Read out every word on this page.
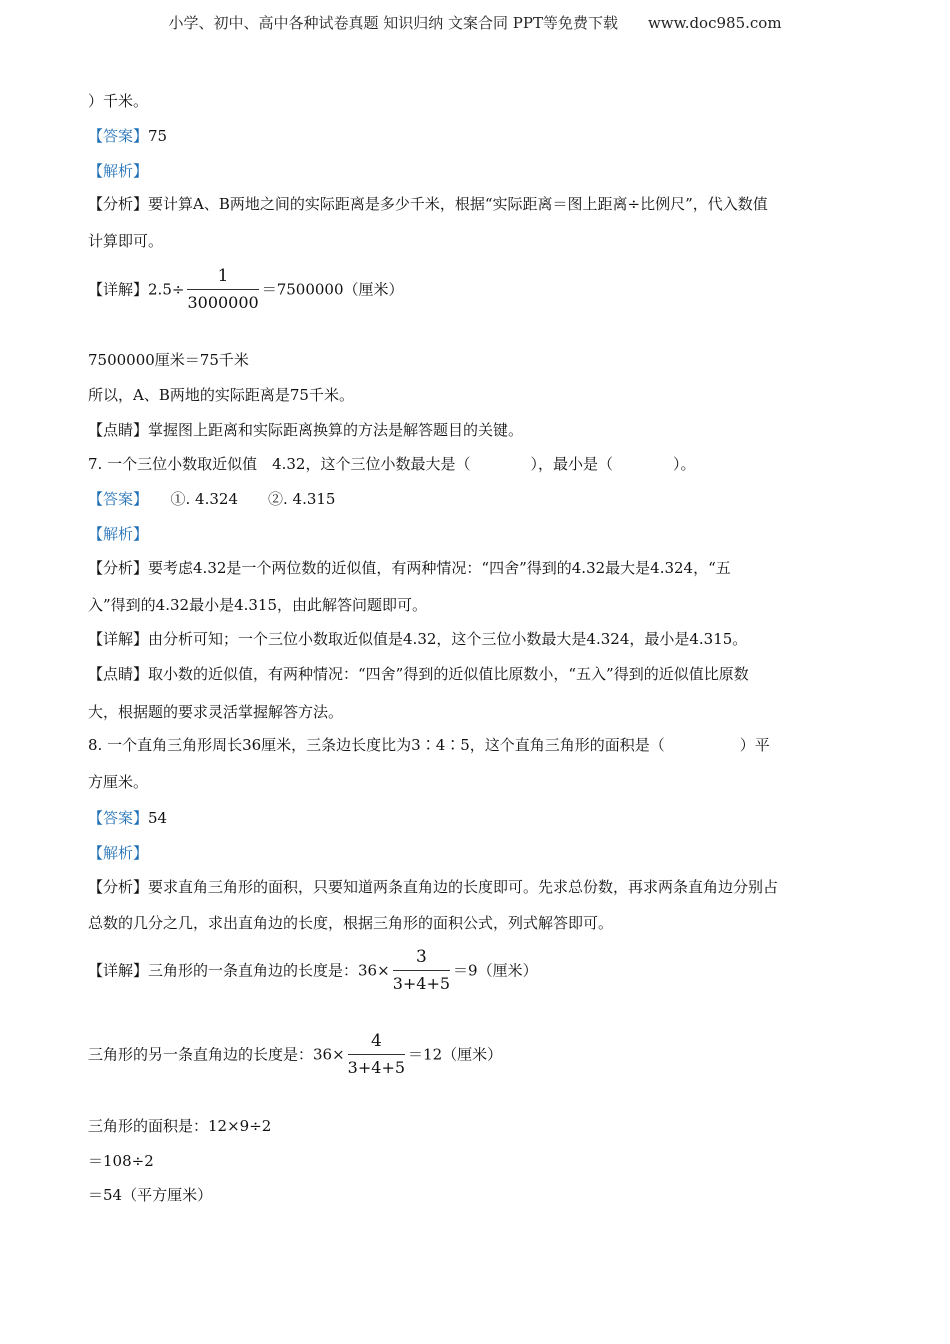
小学、初中、高中各种试卷真题 知识归纳 文案合同 PPT等免费下载　　www.doc985.com
）千米。
【答案】75
【解析】
【分析】要计算A、B两地之间的实际距离是多少千米，根据“实际距离＝图上距离÷比例尺”，代入数值
计算即可。
【详解】$2.5\div \frac{1}{3000000} =7500000$（厘米）
7500000厘米＝75千米
所以，A、B两地的实际距离是75千米。
【点睛】掌握图上距离和实际距离换算的方法是解答题目的关键。
7. 一个三位小数取近似值　4.32，这个三位小数最大是（　　　　），最小是（　　　　）。
【答案】　　①. 4.324　　②. 4.315
【解析】
【分析】要考虑4.32是一个两位数的近似值，有两种情况：“四舍”得到的4.32最大是4.324，“五
入”得到的4.32最小是4.315，由此解答问题即可。
【详解】由分析可知；一个三位小数取近似值是4.32，这个三位小数最大是4.324，最小是4.315。
【点睛】取小数的近似值，有两种情况：“四舍”得到的近似值比原数小，“五入”得到的近似值比原数
大，根据题的要求灵活掌握解答方法。
8. 一个直角三角形周长36厘米，三条边长度比为3∶4∶5，这个直角三角形的面积是（　　　　　）平
方厘米。
【答案】54
【解析】
【分析】要求直角三角形的面积，只要知道两条直角边的长度即可。先求总份数，再求两条直角边分别占
总数的几分之几，求出直角边的长度，根据三角形的面积公式，列式解答即可。
【详解】三角形的一条直角边的长度是：$36\times \frac{3}{3+4+5} =9$（厘米）
三角形的另一条直角边的长度是：$36\times \frac{4}{3+4+5} =12$（厘米）
三角形的面积是：12×9÷2
＝108÷2
＝54（平方厘米）
